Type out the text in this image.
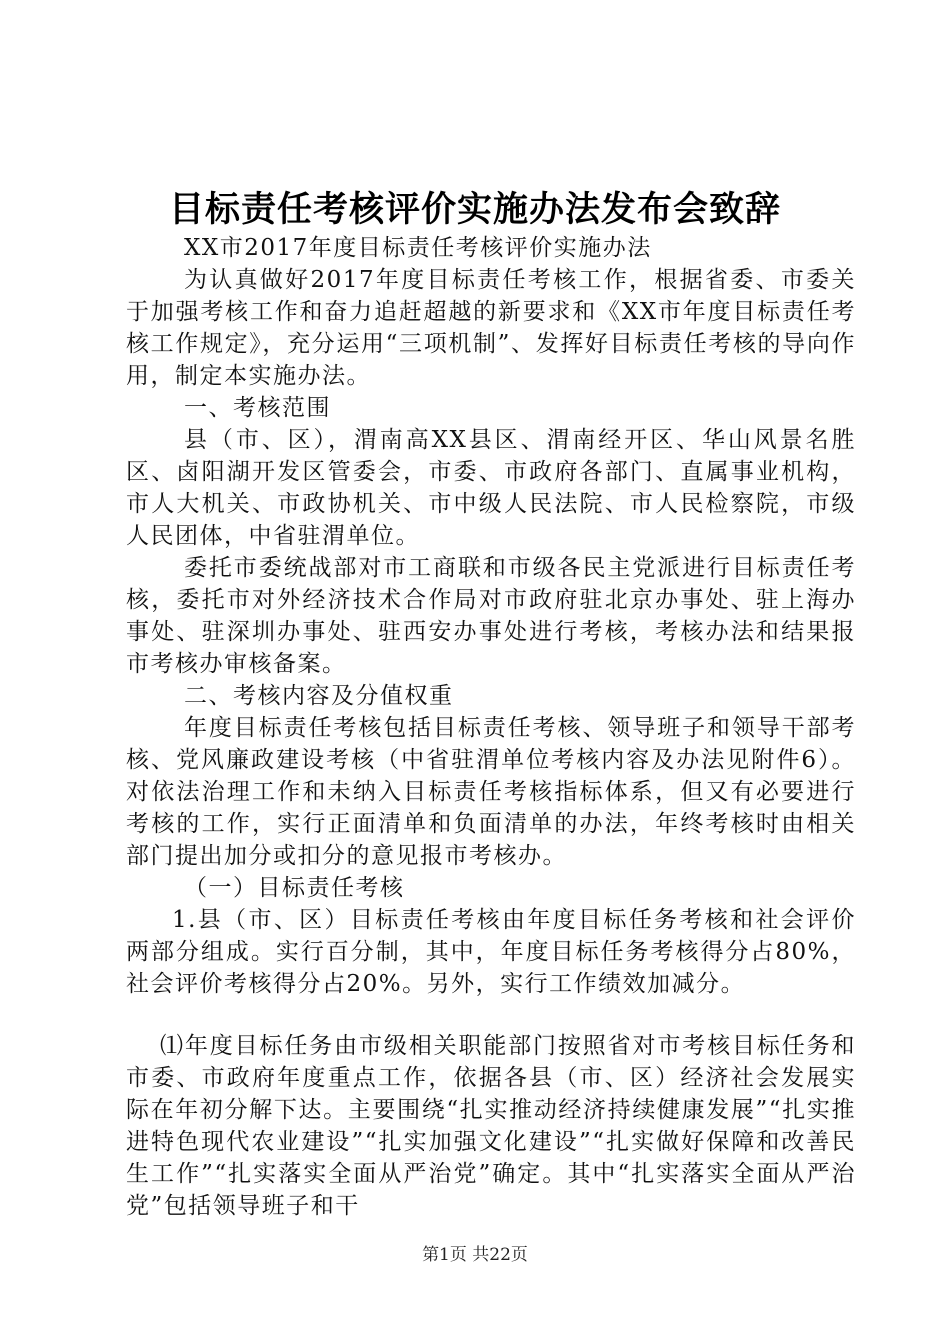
目标责任考核评价实施办法发布会致辞

XX市2017年度目标责任考核评价实施办法

为认真做好2017年度目标责任考核工作，根据省委、市委关于加强考核工作和奋力追赶超越的新要求和《XX市年度目标责任考核工作规定》，充分运用“三项机制”、发挥好目标责任考核的导向作用，制定本实施办法。

一、考核范围

县（市、区），渭南高XX县区、渭南经开区、华山风景名胜区、卤阳湖开发区管委会，市委、市政府各部门、直属事业机构，市人大机关、市政协机关、市中级人民法院、市人民检察院，市级人民团体，中省驻渭单位。

委托市委统战部对市工商联和市级各民主党派进行目标责任考核，委托市对外经济技术合作局对市政府驻北京办事处、驻上海办事处、驻深圳办事处、驻西安办事处进行考核，考核办法和结果报市考核办审核备案。

二、考核内容及分值权重

年度目标责任考核包括目标责任考核、领导班子和领导干部考核、党风廉政建设考核（中省驻渭单位考核内容及办法见附件6）。对依法治理工作和未纳入目标责任考核指标体系，但又有必要进行考核的工作，实行正面清单和负面清单的办法，年终考核时由相关部门提出加分或扣分的意见报市考核办。

（一）目标责任考核

1.县（市、区）目标责任考核由年度目标任务考核和社会评价两部分组成。实行百分制，其中，年度目标任务考核得分占80%，社会评价考核得分占20%。另外，实行工作绩效加减分。

⑴年度目标任务由市级相关职能部门按照省对市考核目标任务和市委、市政府年度重点工作，依据各县（市、区）经济社会发展实际在年初分解下达。主要围绕“扎实推动经济持续健康发展”“扎实推进特色现代农业建设”“扎实加强文化建设”“扎实做好保障和改善民生工作”“扎实落实全面从严治党”确定。其中“扎实落实全面从严治党”包括领导班子和干

第1页 共22页
